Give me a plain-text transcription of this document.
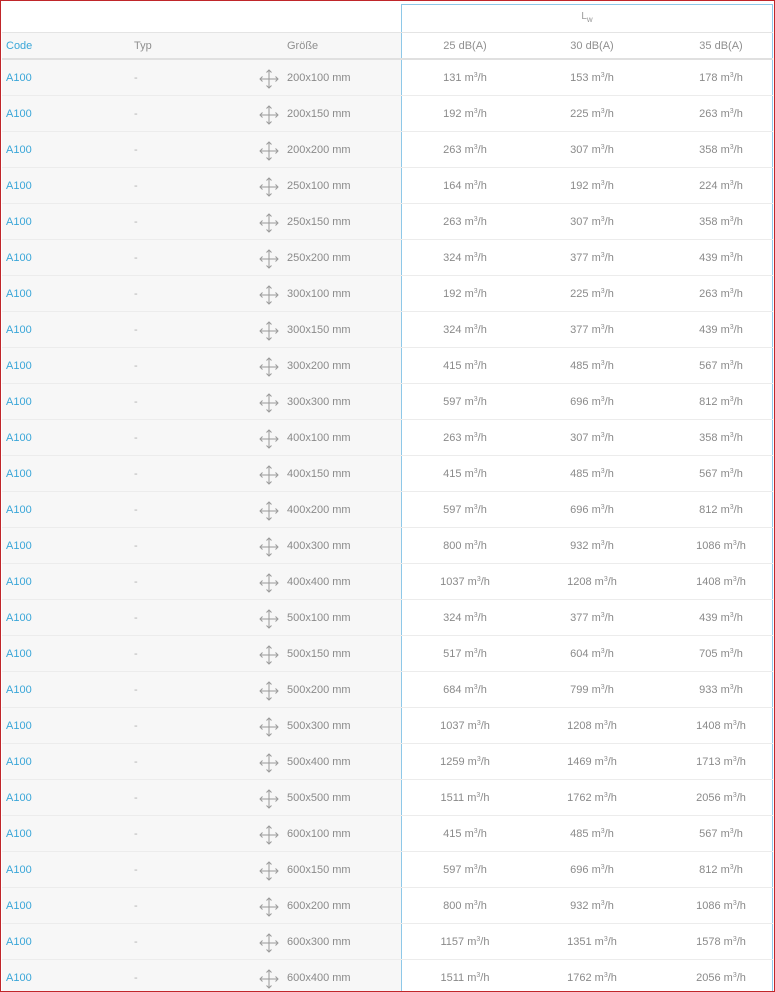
$L_w$
Code	Typ	Größe	25 dB(A)	30 dB(A)	35 dB(A)
A100	-	200x100 mm	131 $m^3/h$	153 $m^3/h$	178 $m^3/h$
A100	-	200x150 mm	192 $m^3/h$	225 $m^3/h$	263 $m^3/h$
A100	-	200x200 mm	263 $m^3/h$	307 $m^3/h$	358 $m^3/h$
A100	-	250x100 mm	164 $m^3/h$	192 $m^3/h$	224 $m^3/h$
A100	-	250x150 mm	263 $m^3/h$	307 $m^3/h$	358 $m^3/h$
A100	-	250x200 mm	324 $m^3/h$	377 $m^3/h$	439 $m^3/h$
A100	-	300x100 mm	192 $m^3/h$	225 $m^3/h$	263 $m^3/h$
A100	-	300x150 mm	324 $m^3/h$	377 $m^3/h$	439 $m^3/h$
A100	-	300x200 mm	415 $m^3/h$	485 $m^3/h$	567 $m^3/h$
A100	-	300x300 mm	597 $m^3/h$	696 $m^3/h$	812 $m^3/h$
A100	-	400x100 mm	263 $m^3/h$	307 $m^3/h$	358 $m^3/h$
A100	-	400x150 mm	415 $m^3/h$	485 $m^3/h$	567 $m^3/h$
A100	-	400x200 mm	597 $m^3/h$	696 $m^3/h$	812 $m^3/h$
A100	-	400x300 mm	800 $m^3/h$	932 $m^3/h$	1086 $m^3/h$
A100	-	400x400 mm	1037 $m^3/h$	1208 $m^3/h$	1408 $m^3/h$
A100	-	500x100 mm	324 $m^3/h$	377 $m^3/h$	439 $m^3/h$
A100	-	500x150 mm	517 $m^3/h$	604 $m^3/h$	705 $m^3/h$
A100	-	500x200 mm	684 $m^3/h$	799 $m^3/h$	933 $m^3/h$
A100	-	500x300 mm	1037 $m^3/h$	1208 $m^3/h$	1408 $m^3/h$
A100	-	500x400 mm	1259 $m^3/h$	1469 $m^3/h$	1713 $m^3/h$
A100	-	500x500 mm	1511 $m^3/h$	1762 $m^3/h$	2056 $m^3/h$
A100	-	600x100 mm	415 $m^3/h$	485 $m^3/h$	567 $m^3/h$
A100	-	600x150 mm	597 $m^3/h$	696 $m^3/h$	812 $m^3/h$
A100	-	600x200 mm	800 $m^3/h$	932 $m^3/h$	1086 $m^3/h$
A100	-	600x300 mm	1157 $m^3/h$	1351 $m^3/h$	1578 $m^3/h$
A100	-	600x400 mm	1511 $m^3/h$	1762 $m^3/h$	2056 $m^3/h$
